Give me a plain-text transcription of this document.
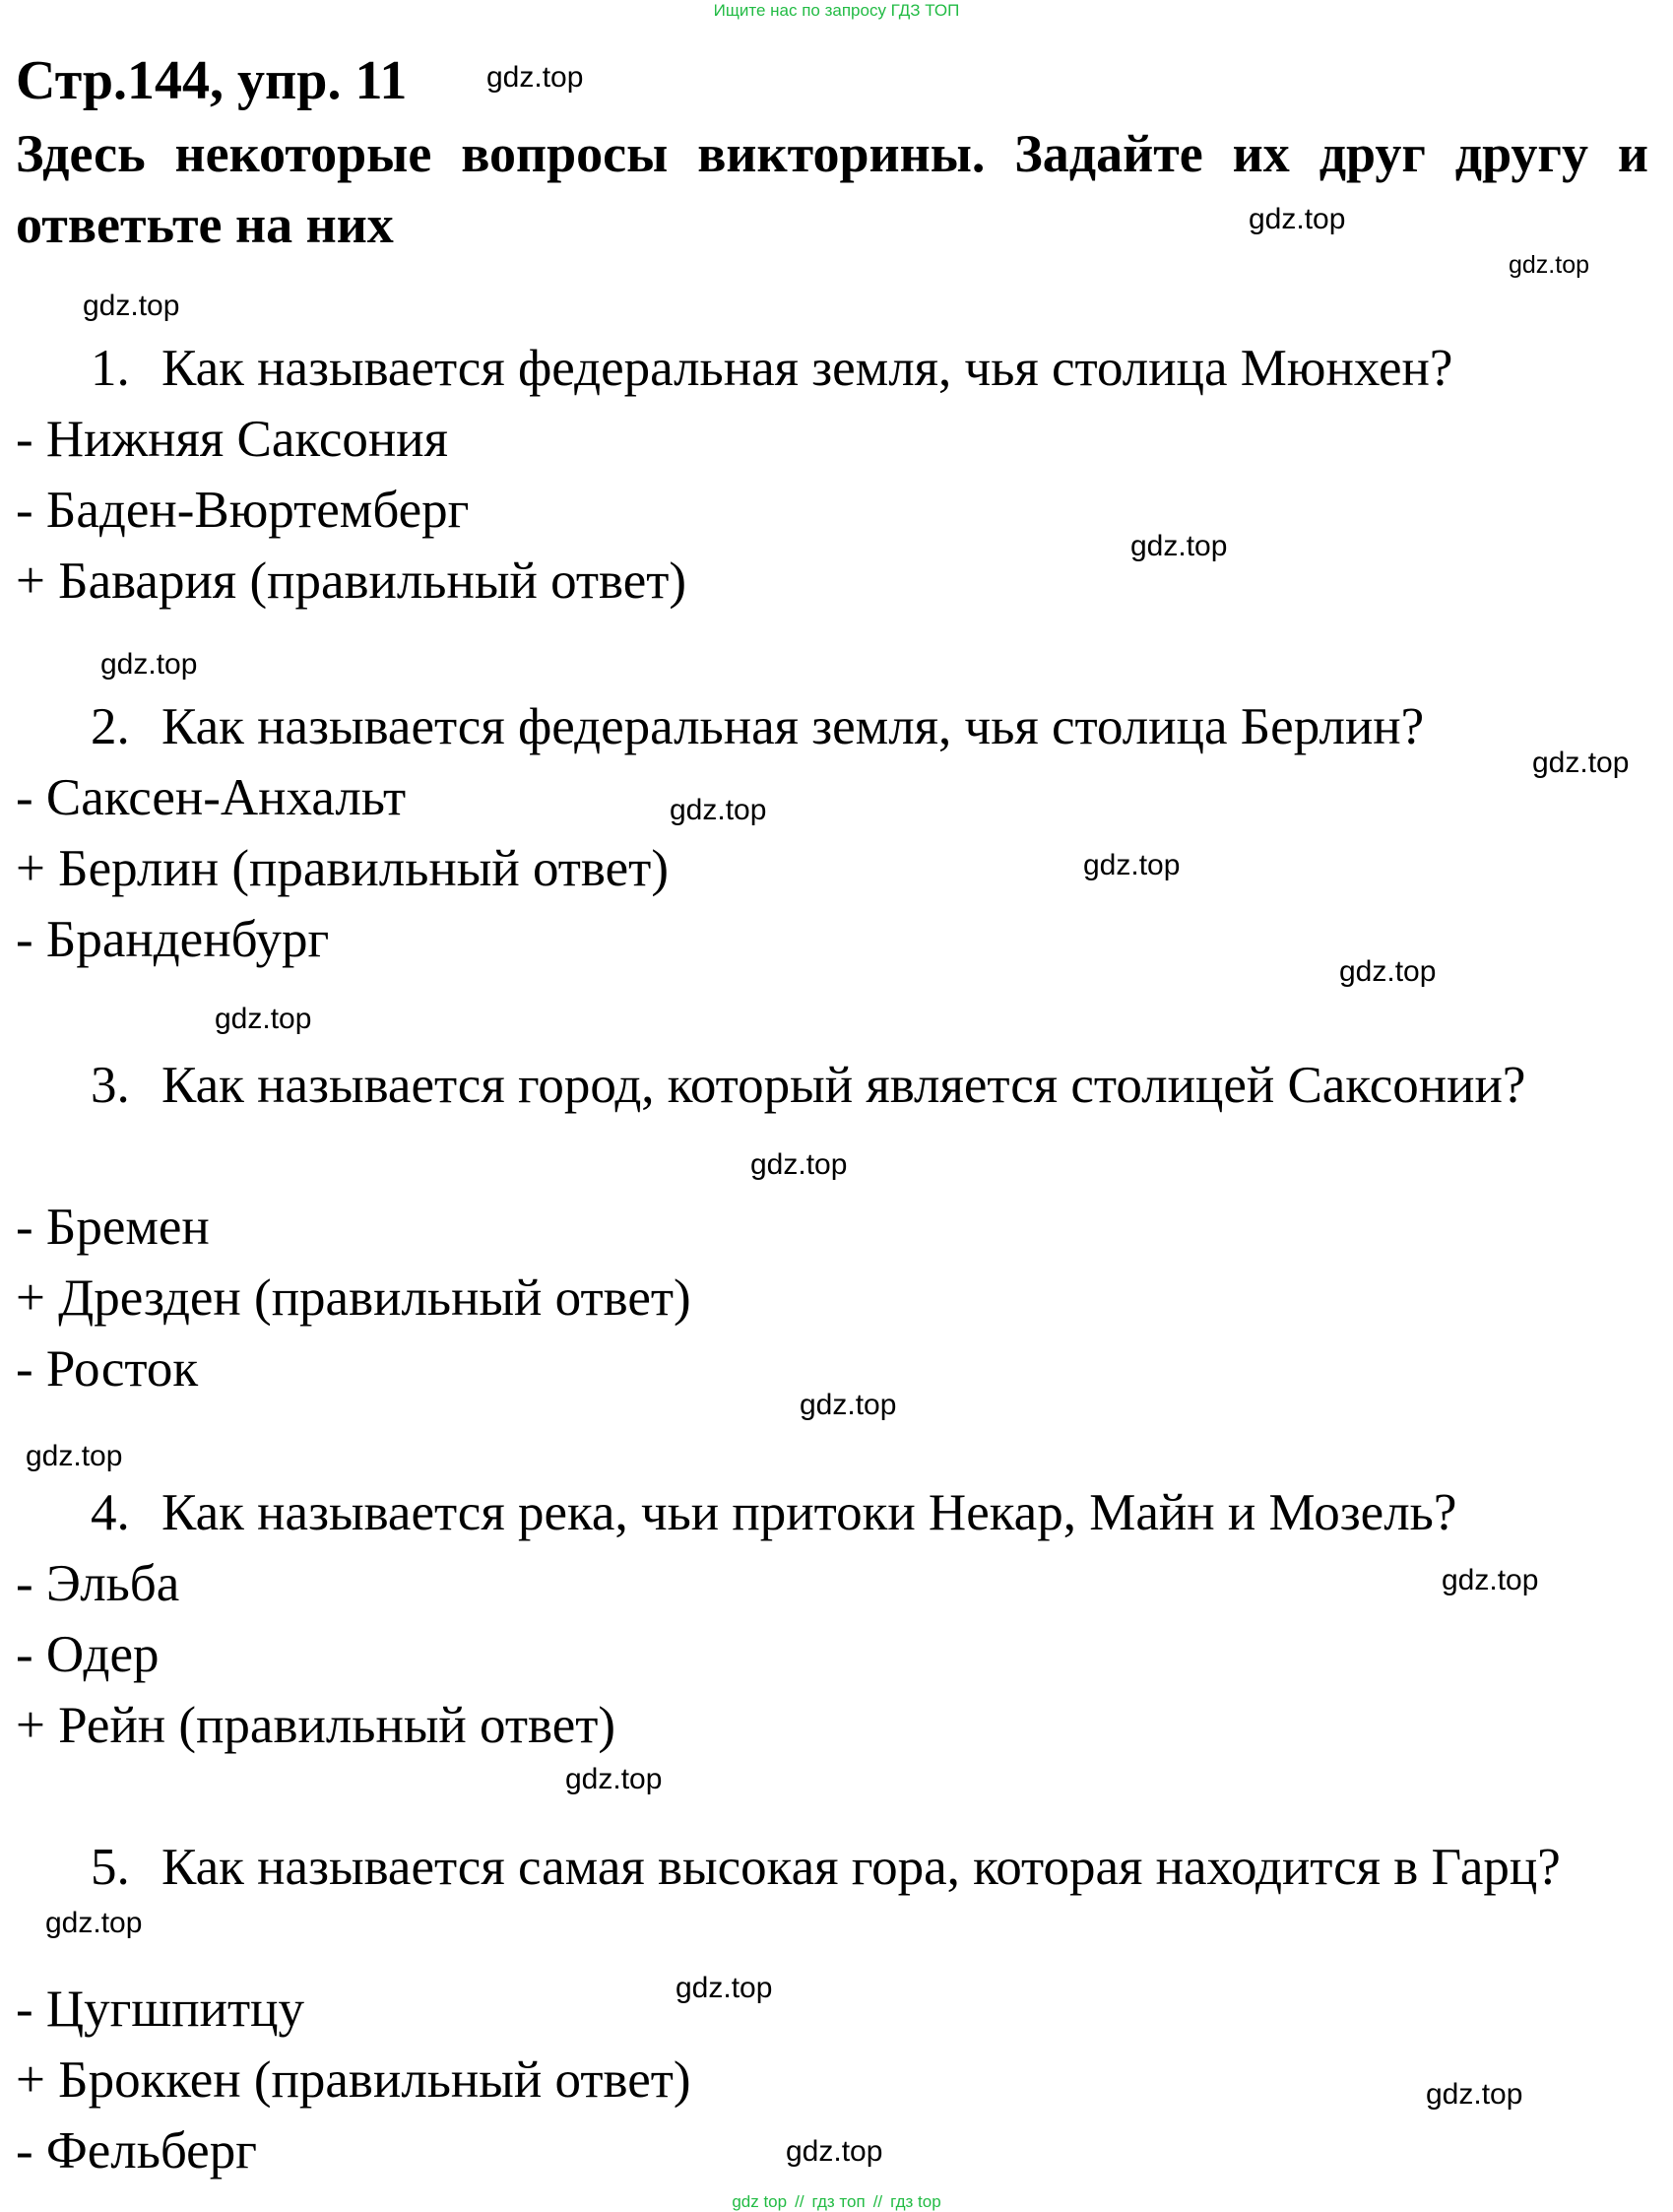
Ищите нас по запросу ГДЗ ТОП
Стр.144, упр. 11
Здесь некоторые вопросы викторины. Задайте их друг другу и ответьте на них

1. Как называется федеральная земля, чья столица Мюнхен?

- Нижняя Саксония

- Баден-Вюртемберг

+ Бавария (правильный ответ)

2. Как называется федеральная земля, чья столица Берлин?

- Саксен-Анхальт

+ Берлин (правильный ответ)

- Бранденбург

3. Как называется город, который является столицей Саксонии?

- Бремен

+ Дрезден (правильный ответ)

- Росток

4. Как называется река, чьи притоки Некар, Майн и Мозель?

- Эльба

- Одер

+ Рейн (правильный ответ)

5. Как называется самая высокая гора, которая находится в Гарц?

- Цугшпитцу

+ Броккен (правильный ответ)

- Фельберг

gdz.top
gdz.top
gdz.top
gdz.top
gdz.top
gdz.top
gdz.top
gdz.top
gdz.top
gdz.top
gdz.top
gdz.top
gdz.top
gdz.top
gdz.top
gdz.top
gdz.top
gdz.top
gdz.top
gdz.top
gdz top // гдз топ // гдз top
